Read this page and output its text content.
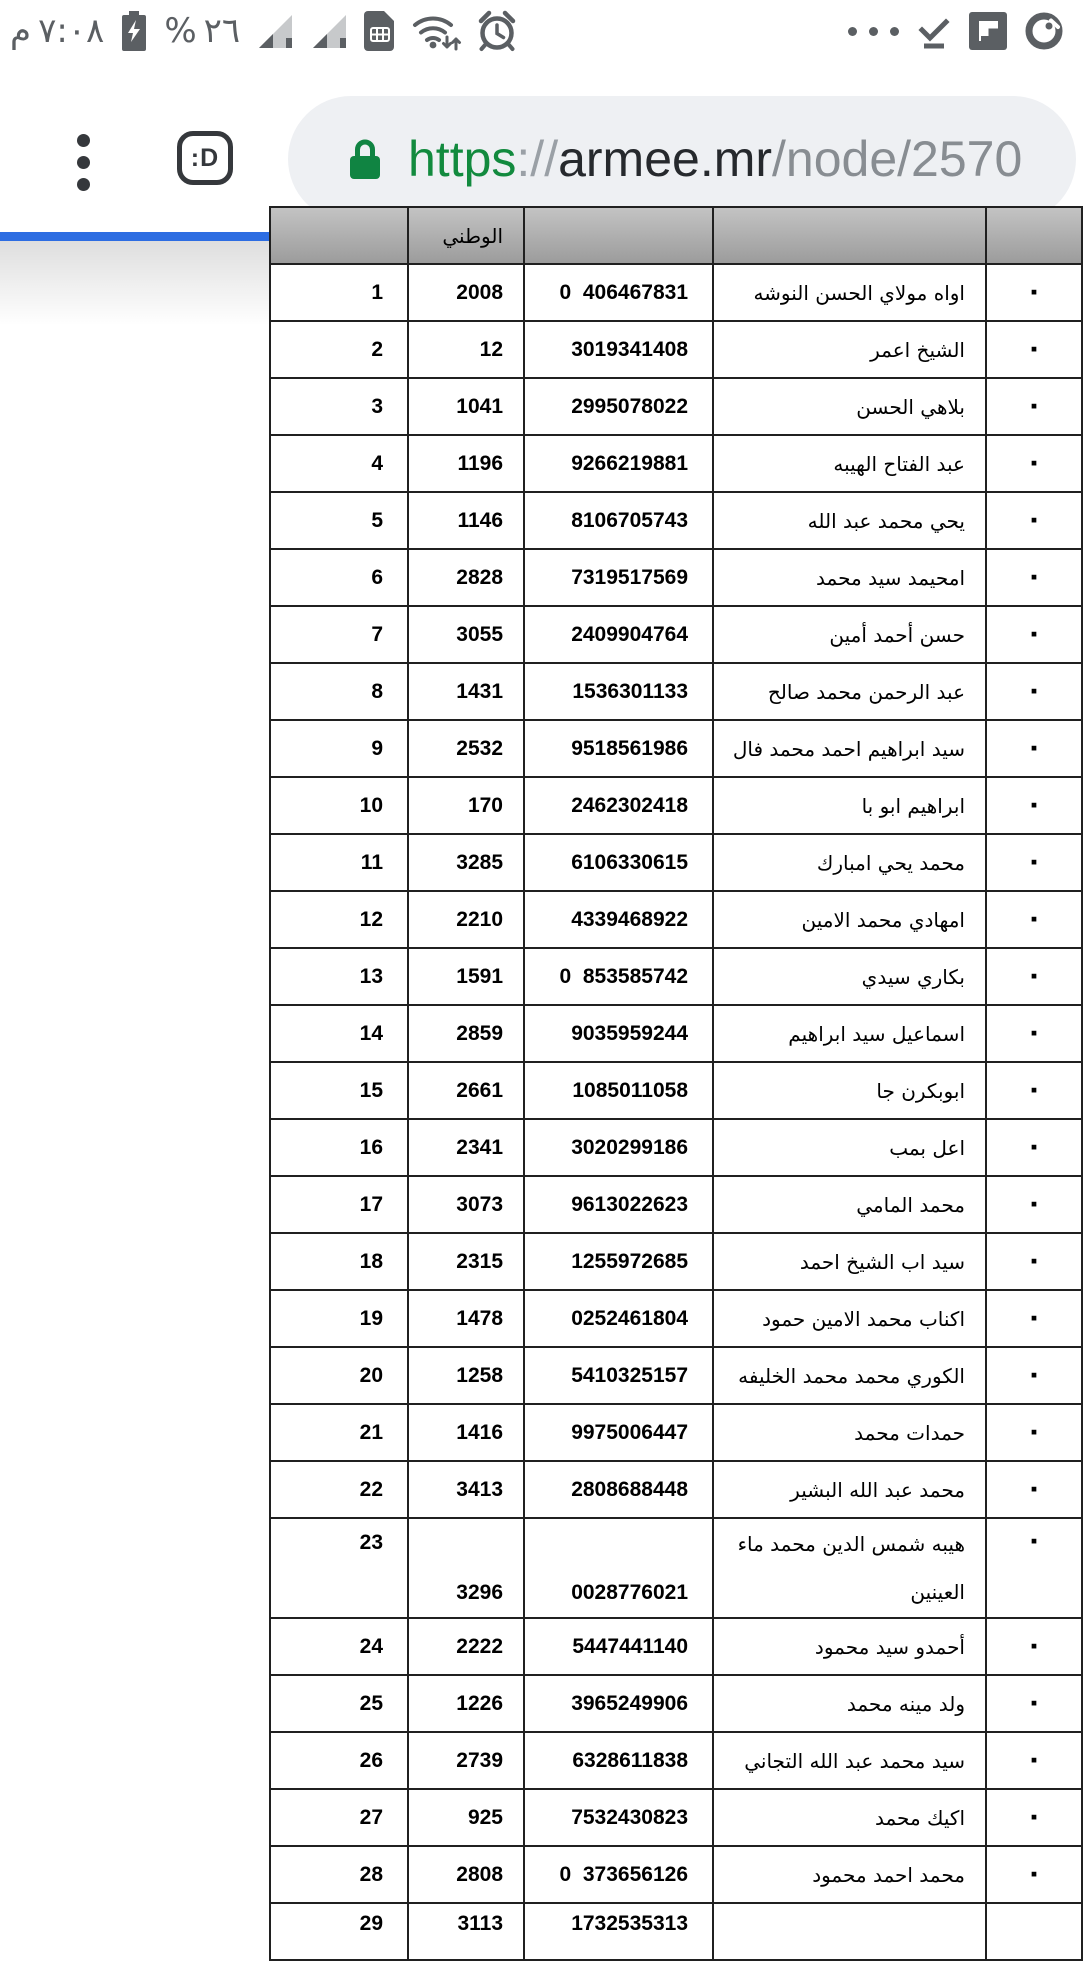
م ٧:٠٨ % ٢٦
:D	https :// armee.mr /node/2570
	الوطني			
1	2008	0  406467831	اواه مولاي الحسن النوشه	▪
2	12	3019341408	الشيخ اعمر	▪
3	1041	2995078022	بلاهي الحسن	▪
4	1196	9266219881	عبد الفتاح الهيبه	▪
5	1146	8106705743	يحي محمد عبد الله	▪
6	2828	7319517569	امحيمد سيد محمد	▪
7	3055	2409904764	حسن أحمد أمين	▪
8	1431	1536301133	عبد الرحمن محمد صالح	▪
9	2532	9518561986	سيد ابراهيم احمد محمد فال	▪
10	170	2462302418	ابراهيم ابو با	▪
11	3285	6106330615	محمد يحي امبارك	▪
12	2210	4339468922	امهادي محمد الامين	▪
13	1591	0  853585742	بكاري سيدي	▪
14	2859	9035959244	اسماعيل سيد ابراهيم	▪
15	2661	1085011058	ابوبكرن جا	▪
16	2341	3020299186	اعل بمب	▪
17	3073	9613022623	محمد المامي	▪
18	2315	1255972685	سيد اب الشيخ احمد	▪
19	1478	0252461804	اكناب محمد الامين حمود	▪
20	1258	5410325157	الكوري محمد محمد الخليفه	▪
21	1416	9975006447	حمدات محمد	▪
22	3413	2808688448	محمد عبد الله البشير	▪
23	3296	0028776021	هيبه شمس الدين محمد ماء
العينين	▪
24	2222	5447441140	أحمدو سيد محمود	▪
25	1226	3965249906	ولد مينه محمد	▪
26	2739	6328611838	سيد محمد عبد الله التجاني	▪
27	925	7532430823	اكيك محمد	▪
28	2808	0  373656126	محمد احمد محمود	▪
29	3113	1732535313		
